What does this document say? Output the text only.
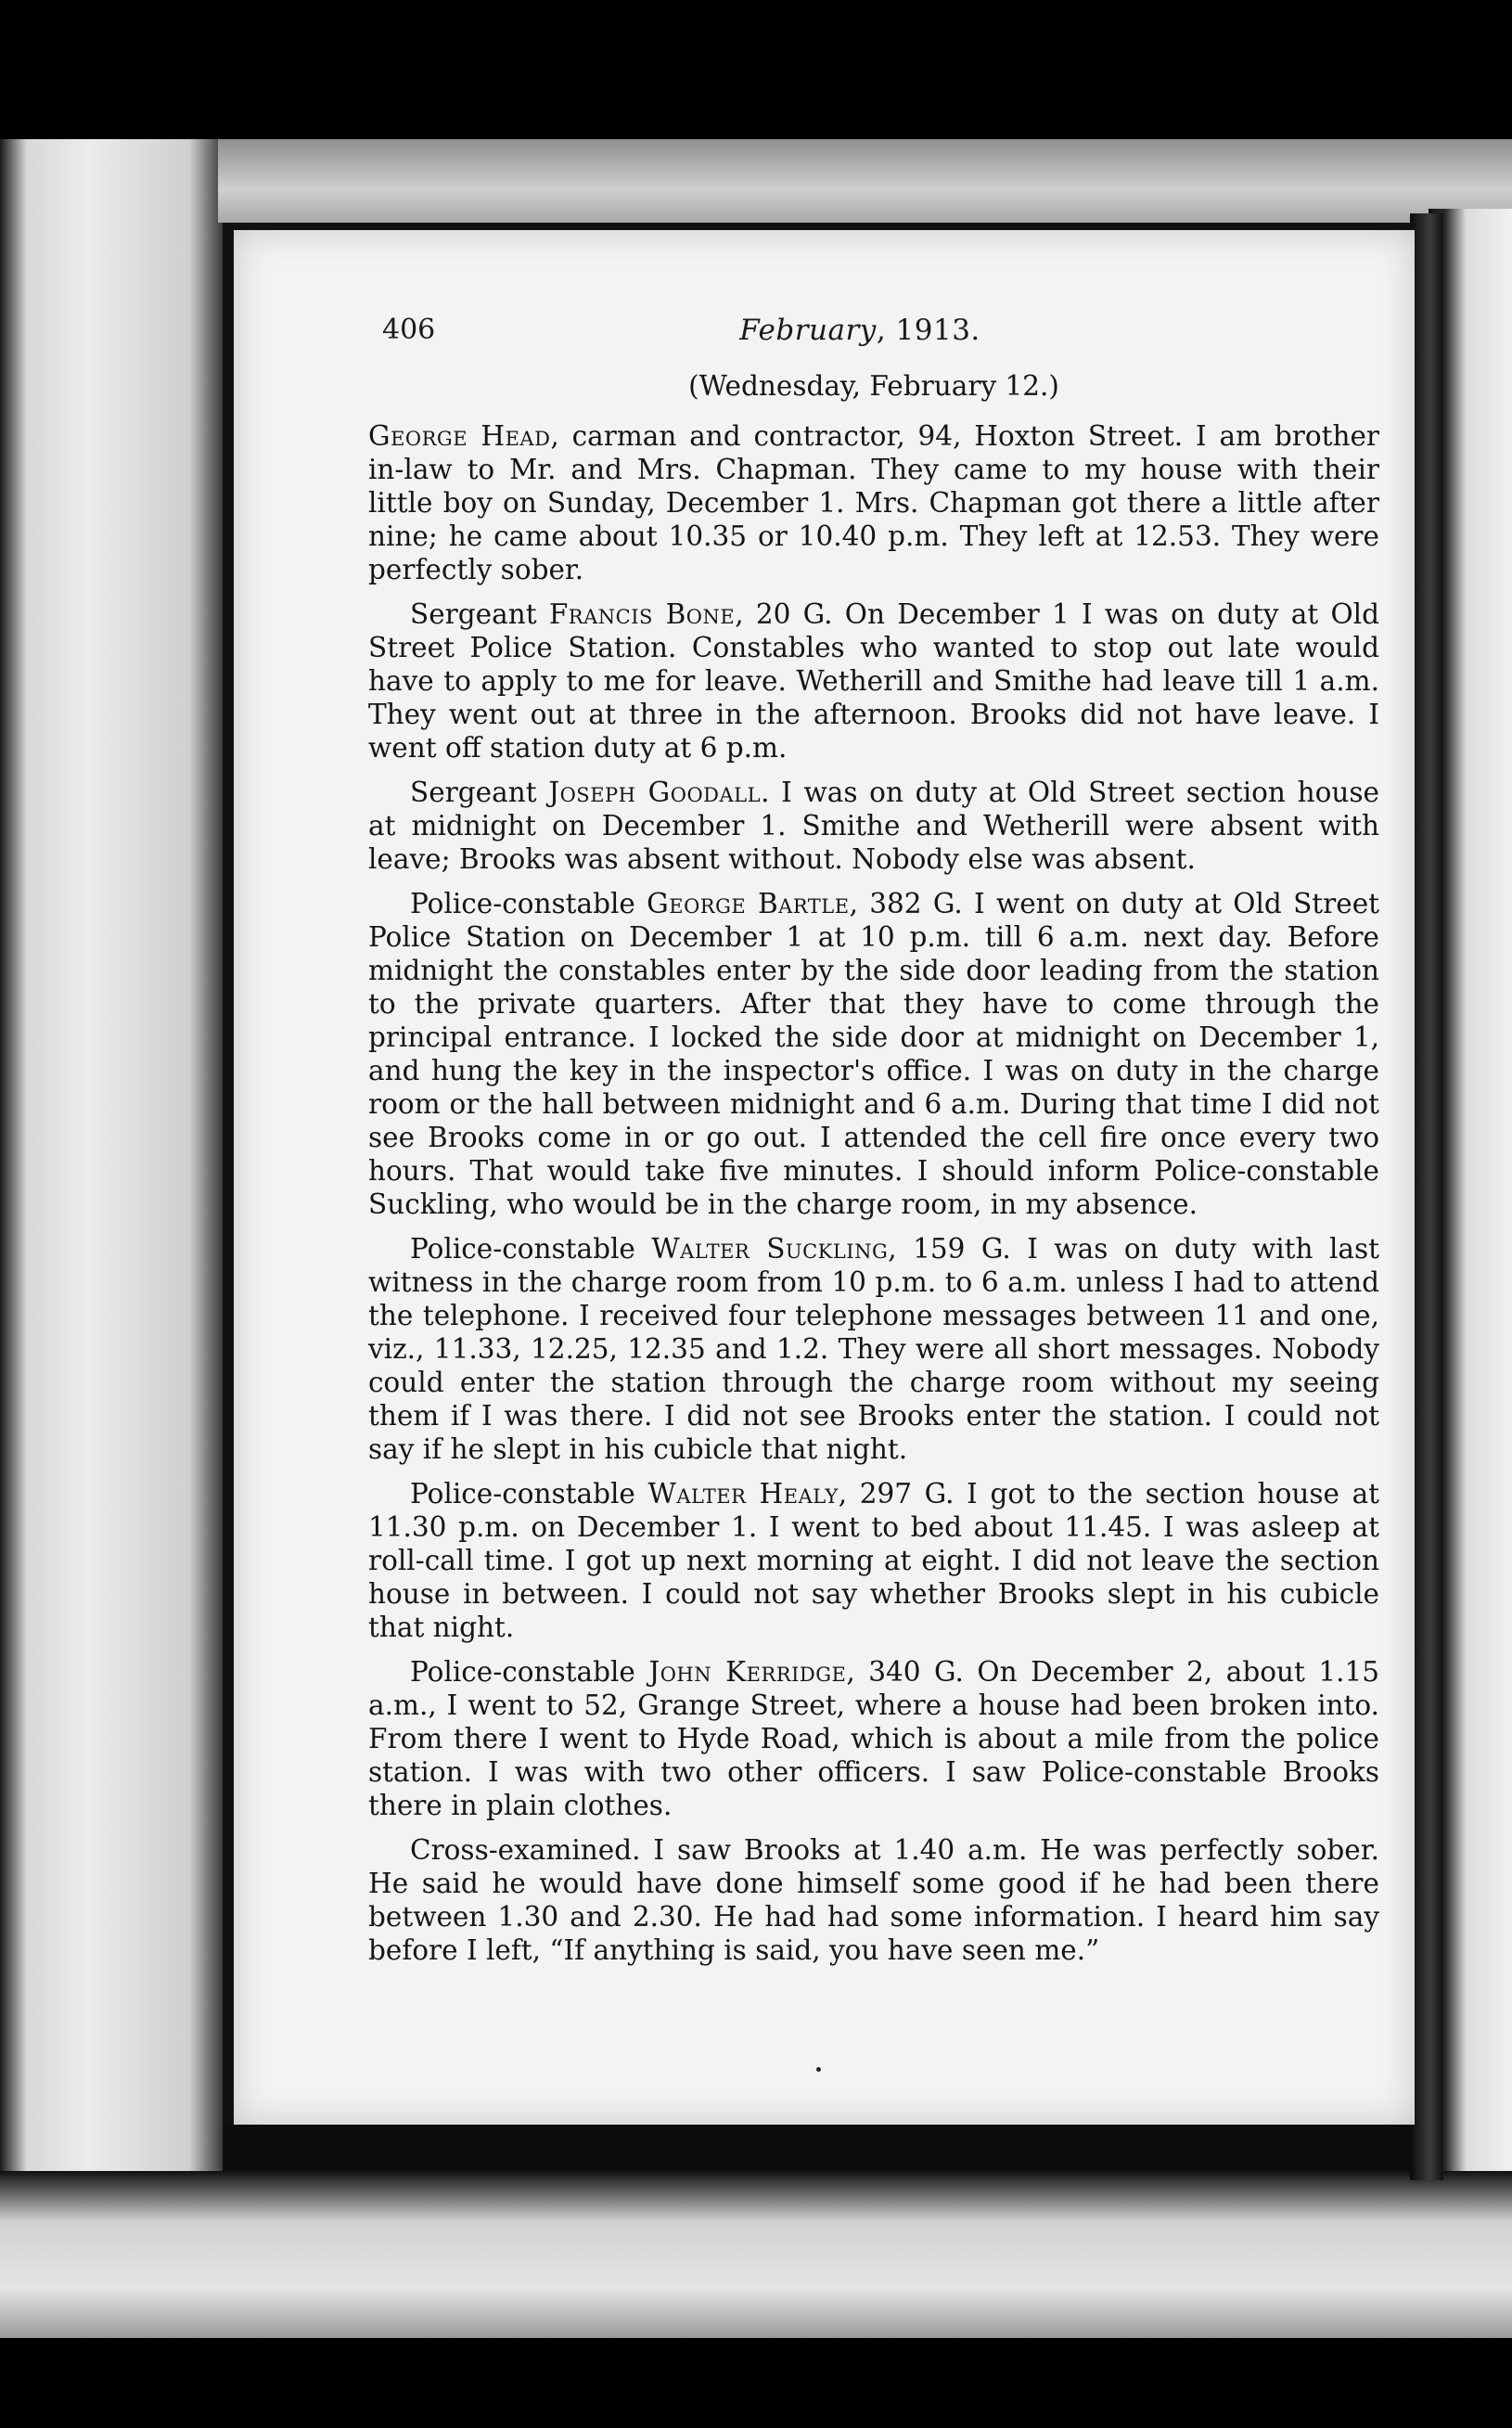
406	February, 1913.
(Wednesday, February 12.)

George Head, carman and contractor, 94, Hoxton Street. I am brother in-law to Mr. and Mrs. Chapman. They came to my house with their little boy on Sunday, December 1. Mrs. Chapman got there a little after nine; he came about 10.35 or 10.40 p.m. They left at 12.53. They were perfectly sober.

Sergeant Francis Bone, 20 G. On December 1 I was on duty at Old Street Police Station. Constables who wanted to stop out late would have to apply to me for leave. Wetherill and Smithe had leave till 1 a.m. They went out at three in the afternoon. Brooks did not have leave. I went off station duty at 6 p.m.

Sergeant Joseph Goodall. I was on duty at Old Street section house at midnight on December 1. Smithe and Wetherill were absent with leave; Brooks was absent without. Nobody else was absent.

Police-constable George Bartle, 382 G. I went on duty at Old Street Police Station on December 1 at 10 p.m. till 6 a.m. next day. Before midnight the constables enter by the side door leading from the station to the private quarters. After that they have to come through the principal entrance. I locked the side door at midnight on December 1, and hung the key in the inspector's office. I was on duty in the charge room or the hall between midnight and 6 a.m. During that time I did not see Brooks come in or go out. I attended the cell fire once every two hours. That would take five minutes. I should inform Police-constable Suckling, who would be in the charge room, in my absence.

Police-constable Walter Suckling, 159 G. I was on duty with last witness in the charge room from 10 p.m. to 6 a.m. unless I had to attend the telephone. I received four telephone messages between 11 and one, viz., 11.33, 12.25, 12.35 and 1.2. They were all short messages. Nobody could enter the station through the charge room without my seeing them if I was there. I did not see Brooks enter the station. I could not say if he slept in his cubicle that night.

Police-constable Walter Healy, 297 G. I got to the section house at 11.30 p.m. on December 1. I went to bed about 11.45. I was asleep at roll-call time. I got up next morning at eight. I did not leave the section house in between. I could not say whether Brooks slept in his cubicle that night.

Police-constable John Kerridge, 340 G. On December 2, about 1.15 a.m., I went to 52, Grange Street, where a house had been broken into. From there I went to Hyde Road, which is about a mile from the police station. I was with two other officers. I saw Police-constable Brooks there in plain clothes.

Cross-examined. I saw Brooks at 1.40 a.m. He was perfectly sober. He said he would have done himself some good if he had been there between 1.30 and 2.30. He had had some information. I heard him say before I left, “If anything is said, you have seen me.”
